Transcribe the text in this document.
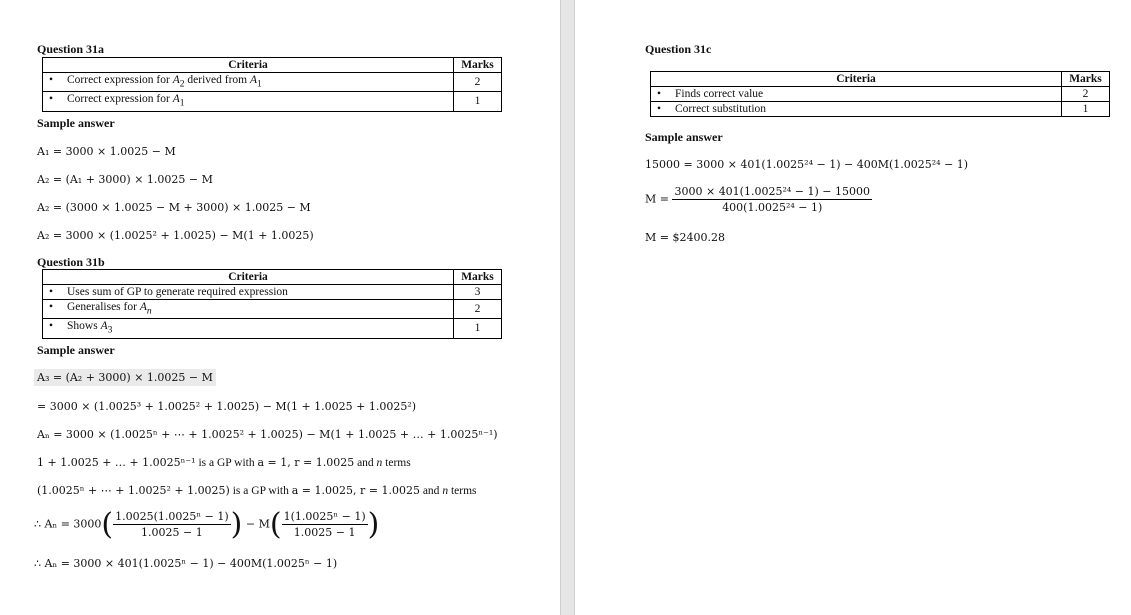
Question 31a
Criteria	Marks
• Correct expression for $A_2$ derived from $A_1$	2
• Correct expression for $A_1$	1
Sample answer
A₁ = 3000 × 1.0025 − M
A₂ = (A₁ + 3000) × 1.0025 − M
A₂ = (3000 × 1.0025 − M + 3000) × 1.0025 − M
A₂ = 3000 × (1.0025² + 1.0025) − M(1 + 1.0025)
Question 31b
Criteria	Marks
• Uses sum of GP to generate required expression	3
• Generalises for $A_n$	2
• Shows $A_3$	1
Sample answer
A₃ = (A₂ + 3000) × 1.0025 − M
= 3000 × (1.0025³ + 1.0025² + 1.0025) − M(1 + 1.0025 + 1.0025²)
Aₙ = 3000 × (1.0025ⁿ + ⋯ + 1.0025² + 1.0025) − M(1 + 1.0025 + … + 1.0025ⁿ⁻¹)
1 + 1.0025 + … + 1.0025ⁿ⁻¹ is a GP with a = 1, r = 1.0025 and n terms
(1.0025ⁿ + ⋯ + 1.0025² + 1.0025) is a GP with a = 1.0025, r = 1.0025 and n terms
∴ $A_n = 3000( \frac{\text{1.0025(1.0025ⁿ − 1)}}{1.0025 - 1}$ ) − $M( \frac{\text{1(1.0025ⁿ − 1)}}{1.0025 - 1}$ )
∴ Aₙ = 3000 × 401(1.0025ⁿ − 1) − 400M(1.0025ⁿ − 1)
Question 31c
Criteria	Marks
• Finds correct value	2
• Correct substitution	1
Sample answer
15000 = 3000 × 401(1.0025²⁴ − 1) − 400M(1.0025²⁴ − 1)
$M = \frac{\text{3000 × 401(1.0025²⁴ − 1) − 15000}}{\text{400(1.0025²⁴ − 1)}}$
M = $2400.28
